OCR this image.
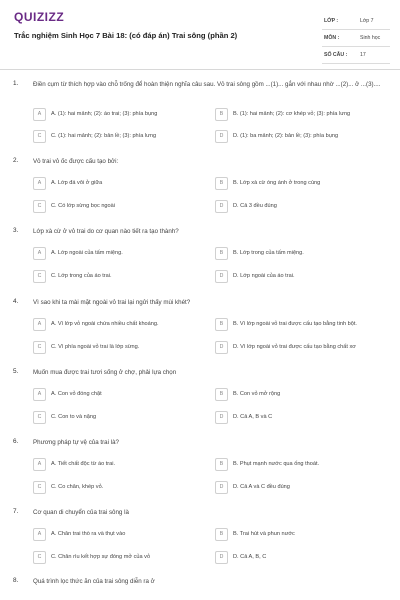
QUIZIZZ
Trắc nghiệm Sinh Học 7 Bài 18: (có đáp án) Trai sông (phần 2)
LỚP :	Lớp 7
MÔN :	Sinh học
SỐ CÂU : 17
1. Điền cụm từ thích hợp vào chỗ trống để hoàn thiện nghĩa câu sau. Vỏ trai sông gồm ...(1)... gắn với nhau nhờ ...(2)... ở ...(3)....
A	A. (1): hai mảnh; (2): áo trai; (3): phía bụng	B	B. (1): hai mảnh; (2): cơ khép vỏ; (3): phía lưng
C	C. (1): hai mảnh; (2): bản lề; (3): phía lưng	D	D. (1): ba mảnh; (2): bản lề; (3): phía bụng
2. Vỏ trai vỏ ốc được cấu tạo bởi:
A	A. Lớp đá vôi ở giữa	B	B. Lớp xà cừ óng ánh ở trong cùng
C	C. Có lớp sừng bọc ngoài	D	D. Cả 3 đều đúng
3. Lớp xà cừ ở vỏ trai do cơ quan nào tiết ra tạo thành?
A	A. Lớp ngoài của tấm miệng.	B	B. Lớp trong của tấm miệng.
C	C. Lớp trong của áo trai.	D	D. Lớp ngoài của áo trai.
4. Vì sao khi ta mài mặt ngoài vỏ trai lại ngửi thấy mùi khét?
A	A. Vì lớp vỏ ngoài chứa nhiều chất khoáng.	B	B. Vì lớp ngoài vỏ trai được cấu tạo bằng tinh bột.
C	C. Vì phía ngoài vỏ trai là lớp sừng.	D	D. Vì lớp ngoài vỏ trai được cấu tạo bằng chất xơ
5. Muốn mua được trai tươi sống ở chợ, phải lựa chọn
A	A. Con vỏ đóng chặt	B	B. Con vỏ mở rộng
C	C. Con to và nặng	D	D. Cả A, B và C
6. Phương pháp tự vệ của trai là?
A	A. Tiết chất độc từ áo trai.	B	B. Phụt mạnh nước qua ống thoát.
C	C. Co chân, khép vỏ.	D	D. Cả A và C đều đúng
7. Cơ quan di chuyển của trai sông là
A	A. Chân trai thò ra và thụt vào	B	B. Trai hút và phun nước
C	C. Chân rìu kết hợp sự đóng mở của vỏ	D	D. Cả A, B, C
8. Quá trình lọc thức ăn của trai sông diễn ra ở
